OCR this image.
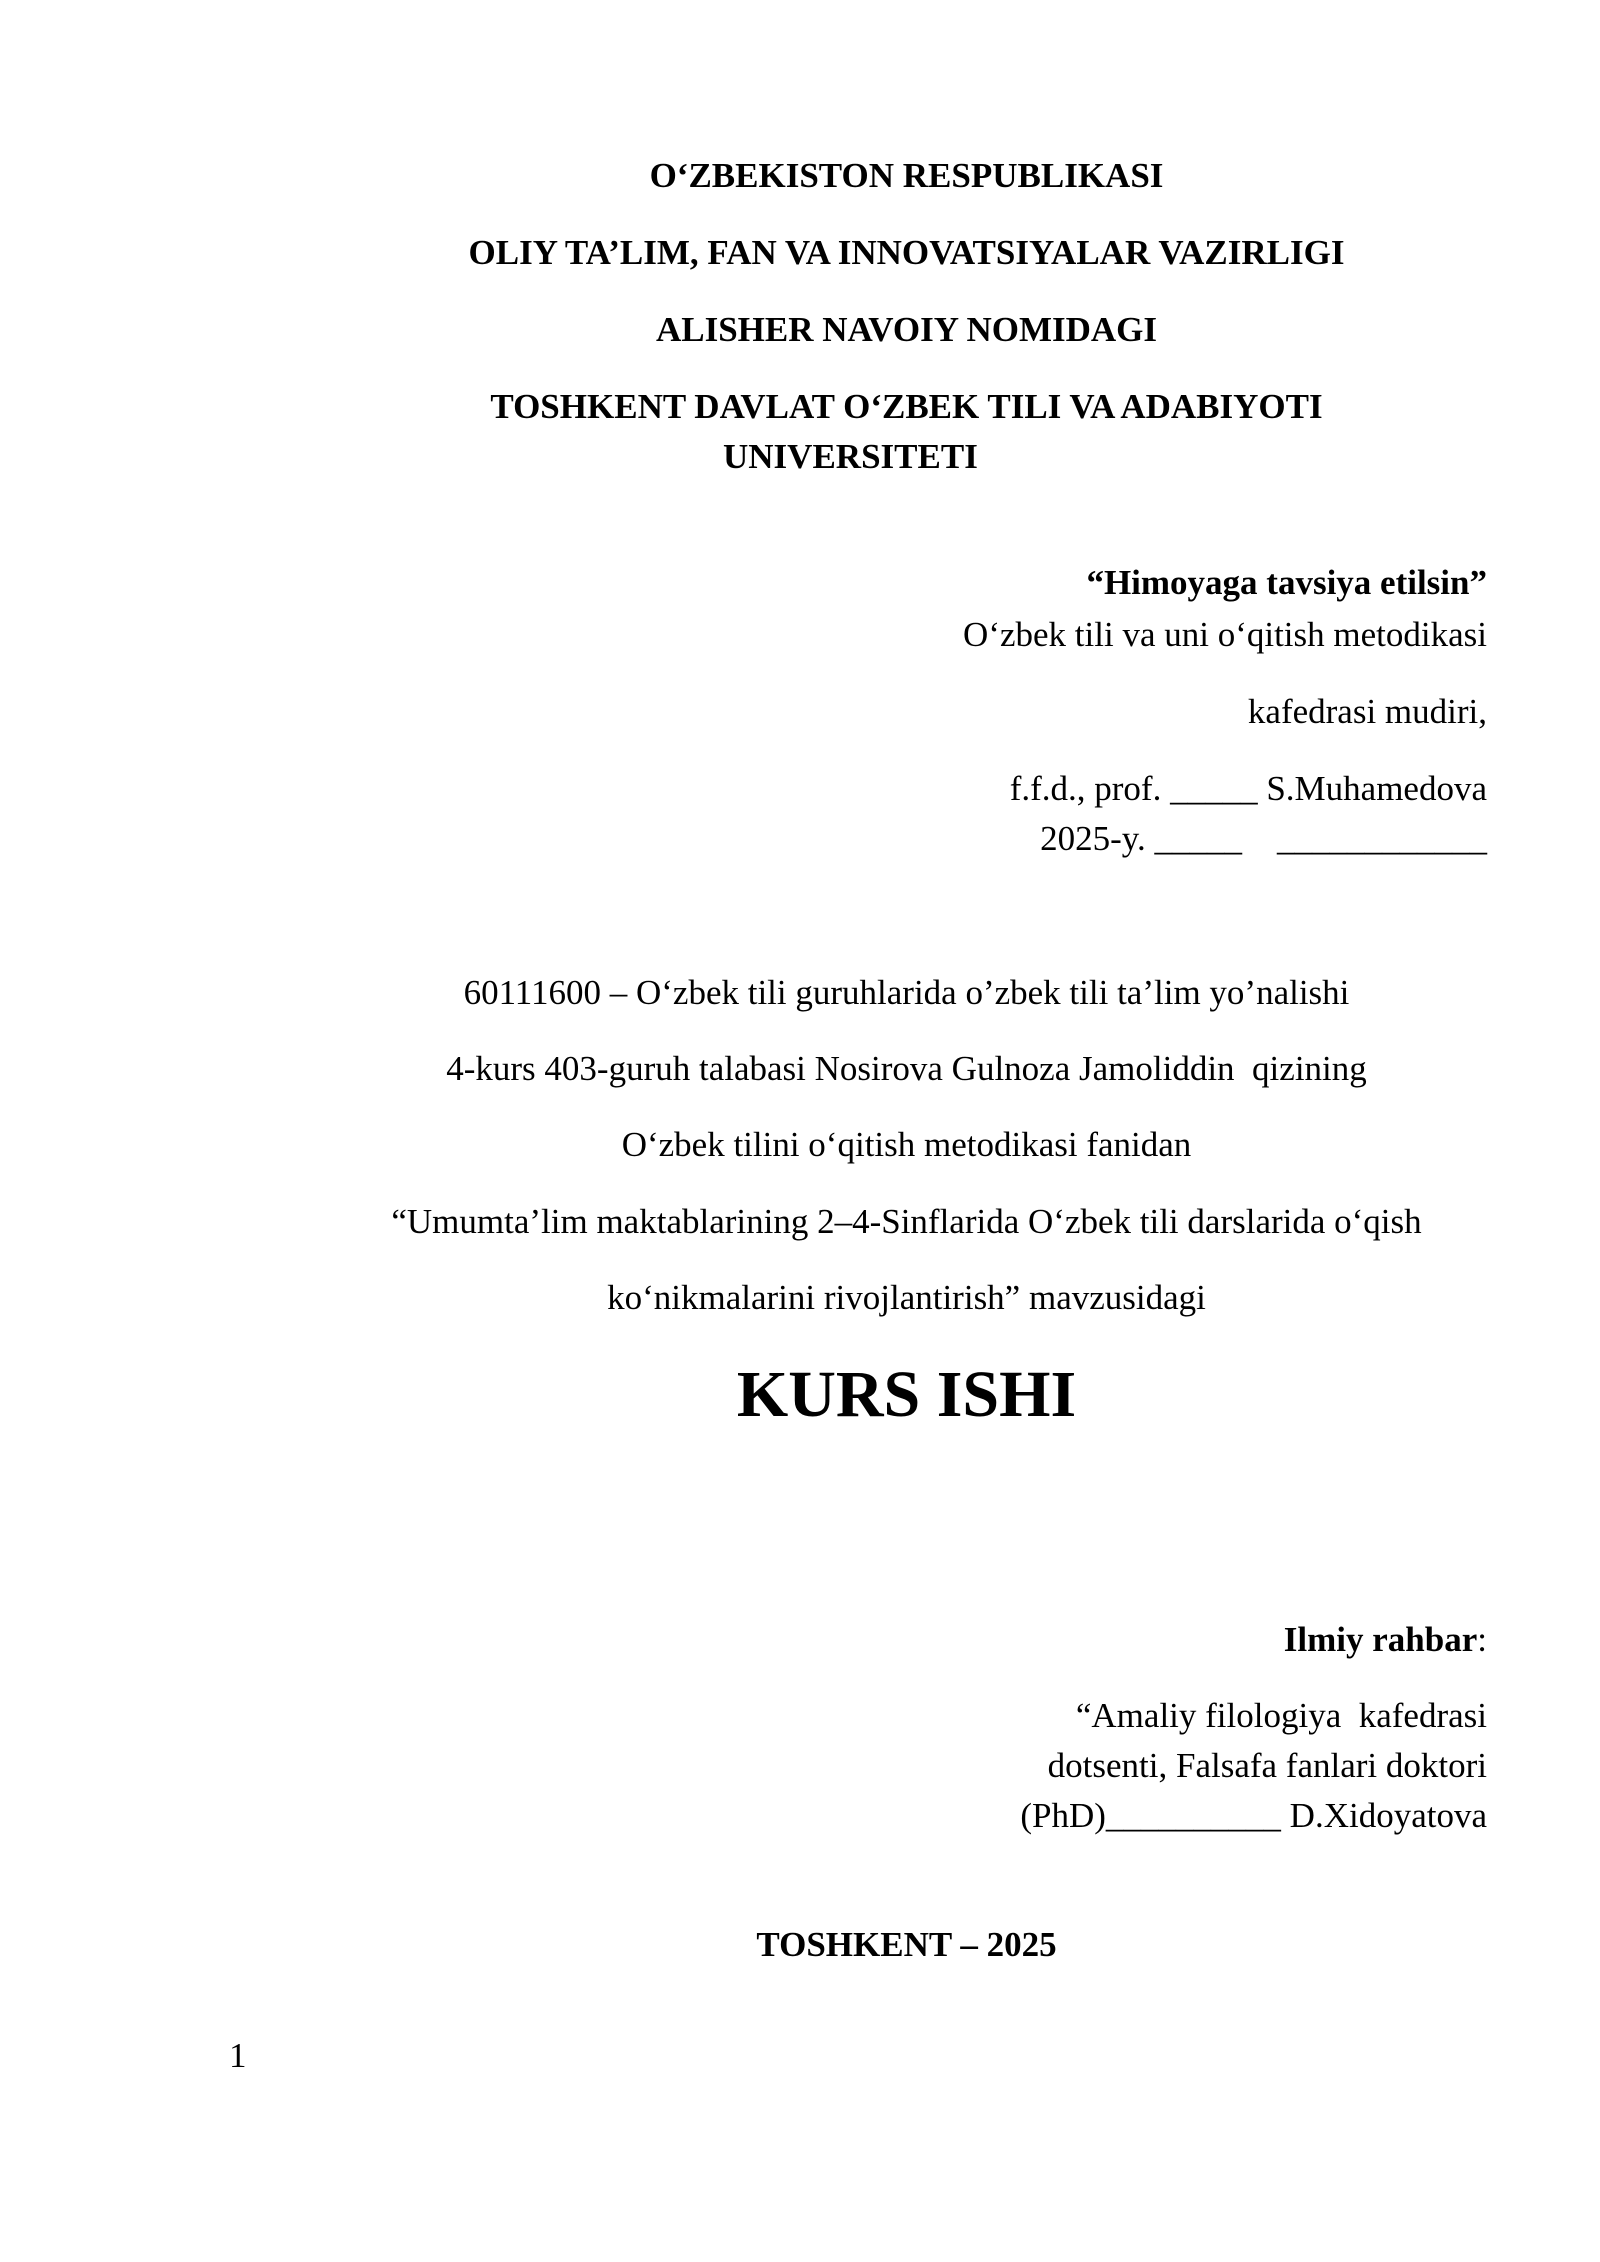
O‘ZBEKISTON RESPUBLIKASI
OLIY TA’LIM, FAN VA INNOVATSIYALAR VAZIRLIGI
ALISHER NAVOIY NOMIDAGI
TOSHKENT DAVLAT O‘ZBEK TILI VA ADABIYOTI
UNIVERSITETI
“Himoyaga tavsiya etilsin”
O‘zbek tili va uni o‘qitish metodikasi
kafedrasi mudiri,
f.f.d., prof. _____ S.Muhamedova
2025-y. _____    ____________
60111600 – O‘zbek tili guruhlarida o’zbek tili ta’lim yo’nalishi
4-kurs 403-guruh talabasi Nosirova Gulnoza Jamoliddin  qizining
O‘zbek tilini o‘qitish metodikasi fanidan
“Umumta’lim maktablarining 2–4-Sinflarida O‘zbek tili darslarida o‘qish
ko‘nikmalarini rivojlantirish” mavzusidagi
KURS ISHI
Ilmiy rahbar:
“Amaliy filologiya  kafedrasi
dotsenti, Falsafa fanlari doktori
(PhD)__________ D.Xidoyatova
TOSHKENT – 2025
1
